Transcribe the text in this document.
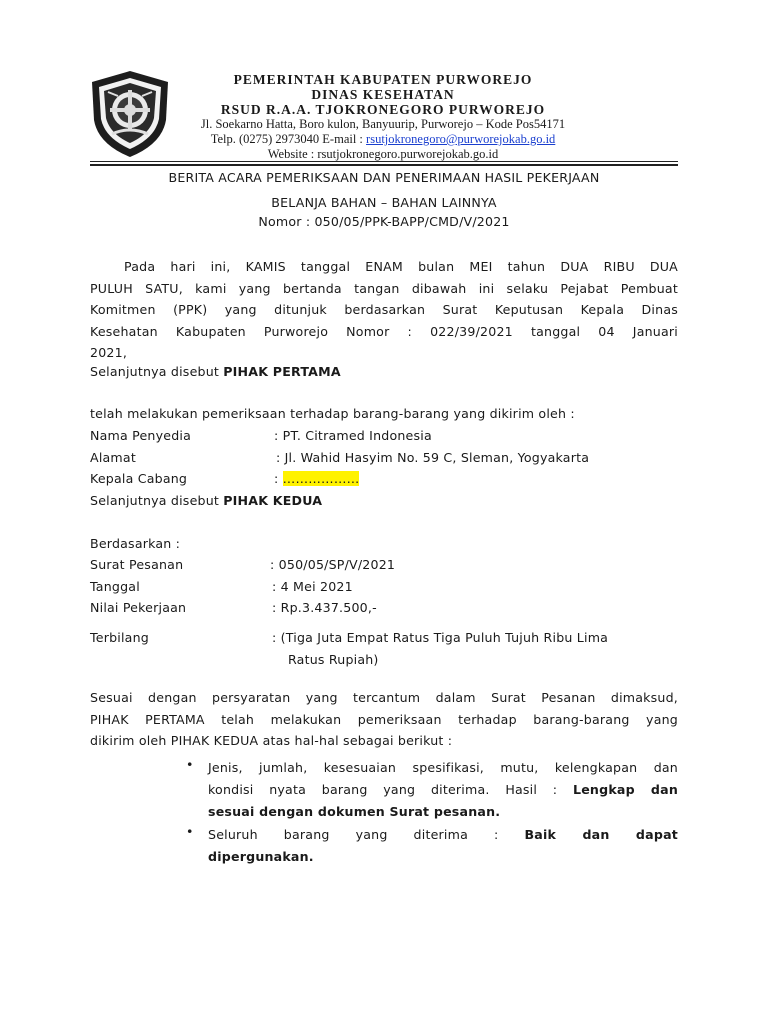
PEMERINTAH KABUPATEN PURWOREJO
DINAS KESEHATAN
RSUD R.A.A. TJOKRONEGORO PURWOREJO
Jl. Soekarno Hatta, Boro kulon, Banyuurip, Purworejo – Kode Pos54171
Telp. (0275) 2973040 E-mail : rsutjokronegoro@purworejokab.go.id
Website : rsutjokronegoro.purworejokab.go.id
BERITA ACARA PEMERIKSAAN DAN PENERIMAAN HASIL PEKERJAAN
BELANJA BAHAN – BAHAN LAINNYA
Nomor : 050/05/PPK-BAPP/CMD/V/2021
Pada hari ini, KAMIS tanggal ENAM bulan MEI tahun DUA RIBU DUA
PULUH SATU, kami yang bertanda tangan dibawah ini selaku Pejabat Pembuat
Komitmen (PPK) yang ditunjuk berdasarkan Surat Keputusan Kepala Dinas
Kesehatan Kabupaten Purworejo Nomor : 022/39/2021 tanggal 04 Januari
2021,
Selanjutnya disebut PIHAK PERTAMA
telah melakukan pemeriksaan terhadap barang-barang yang dikirim oleh :
Nama Penyedia	: PT. Citramed Indonesia
Alamat	: Jl. Wahid Hasyim No. 59 C, Sleman, Yogyakarta
Kepala Cabang	: ………………
Selanjutnya disebut PIHAK KEDUA
Berdasarkan :
Surat Pesanan	: 050/05/SP/V/2021
Tanggal	: 4 Mei 2021
Nilai Pekerjaan	: Rp.3.437.500,-
Terbilang	: (Tiga Juta Empat Ratus Tiga Puluh Tujuh Ribu Lima
Ratus Rupiah)
Sesuai dengan persyaratan yang tercantum dalam Surat Pesanan dimaksud,
PIHAK PERTAMA telah melakukan pemeriksaan terhadap barang-barang yang
dikirim oleh PIHAK KEDUA atas hal-hal sebagai berikut :
•	Jenis, jumlah, kesesuaian spesifikasi, mutu, kelengkapan dan
kondisi nyata barang yang diterima. Hasil : Lengkap dan
sesuai dengan dokumen Surat pesanan.
•	Seluruh barang yang diterima : Baik dan dapat
dipergunakan.
